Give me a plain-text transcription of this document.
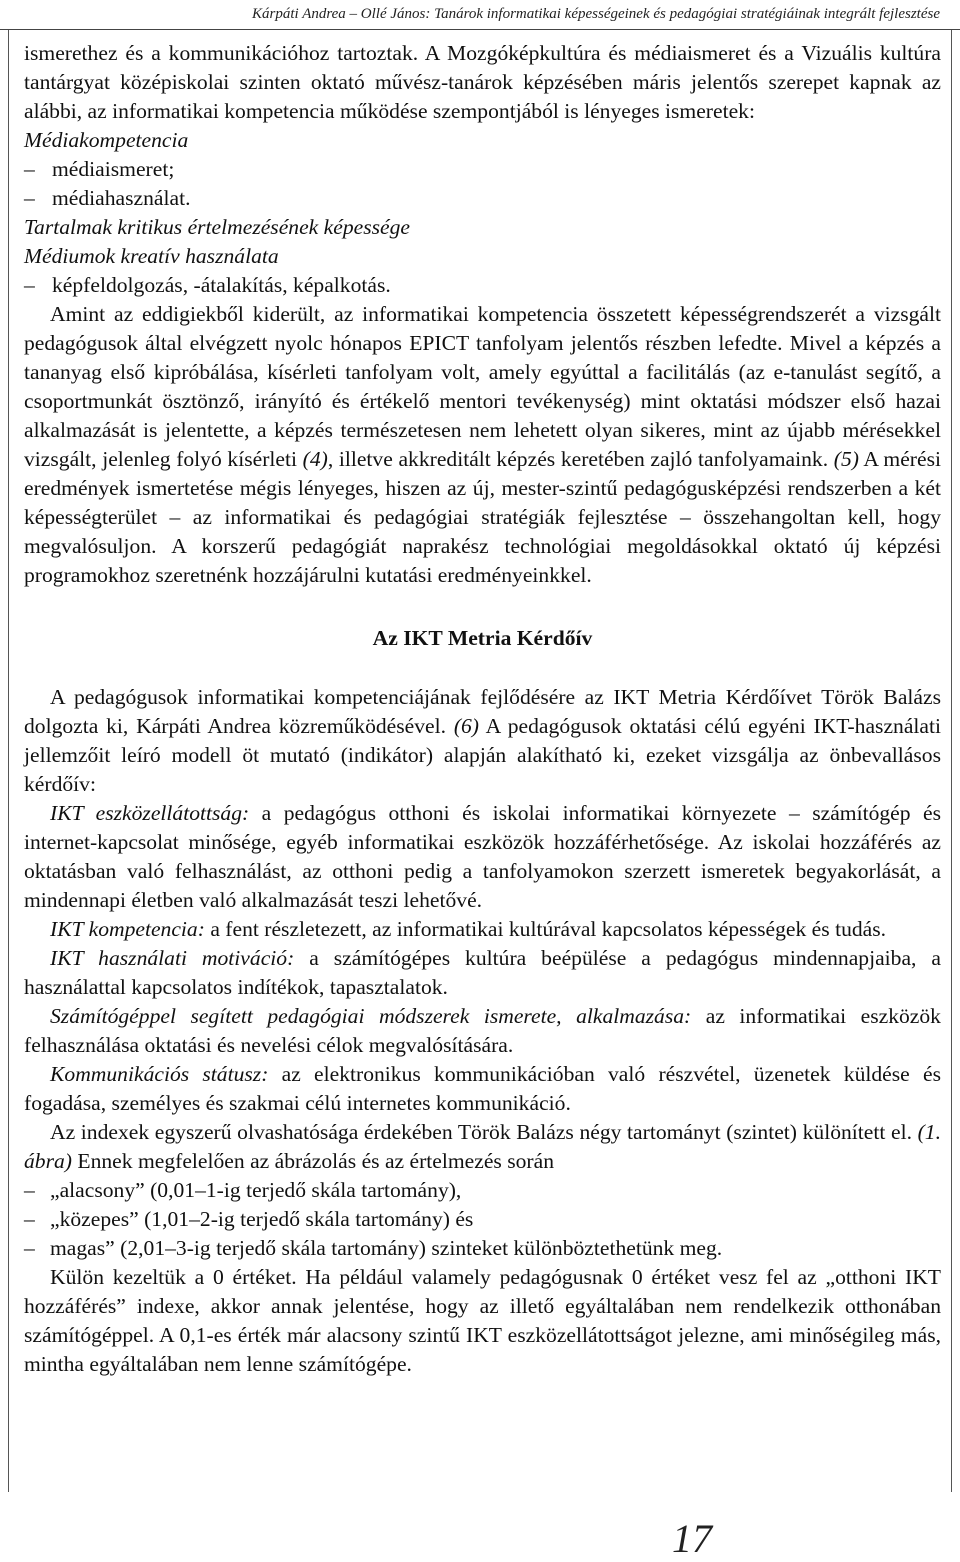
Kárpáti Andrea – Ollé János: Tanárok informatikai képességeinek és pedagógiai stratégiáinak integrált fejlesztése

ismerethez és a kommunikációhoz tartoztak. A Mozgóképkultúra és médiaismeret és a Vizuális kultúra tantárgyat középiskolai szinten oktató művész-tanárok képzésében máris jelentős szerepet kapnak az alábbi, az informatikai kompetencia működése szempontjából is lényeges ismeretek:

Médiakompetencia

– médiaismeret;
– médiahasználat.

Tartalmak kritikus értelmezésének képessége

Médiumok kreatív használata

– képfeldolgozás, -átalakítás, képalkotás.

Amint az eddigiekből kiderült, az informatikai kompetencia összetett képességrendszerét a vizsgált pedagógusok által elvégzett nyolc hónapos EPICT tanfolyam jelentős részben lefedte. Mivel a képzés a tananyag első kipróbálása, kísérleti tanfolyam volt, amely egyúttal a facilitálás (az e-tanulást segítő, a csoportmunkát ösztönző, irányító és értékelő mentori tevékenység) mint oktatási módszer első hazai alkalmazását is jelentette, a képzés természetesen nem lehetett olyan sikeres, mint az újabb mérésekkel vizsgált, jelenleg folyó kísérleti (4), illetve akkreditált képzés keretében zajló tanfolyamaink. (5) A mérési eredmények ismertetése mégis lényeges, hiszen az új, mester-szintű pedagógusképzési rendszerben a két képességterület – az informatikai és pedagógiai stratégiák fejlesztése – összehangoltan kell, hogy megvalósuljon. A korszerű pedagógiát naprakész technológiai megoldásokkal oktató új képzési programokhoz szeretnénk hozzájárulni kutatási eredményeinkkel.

Az IKT Metria Kérdőív

A pedagógusok informatikai kompetenciájának fejlődésére az IKT Metria Kérdőívet Török Balázs dolgozta ki, Kárpáti Andrea közreműködésével. (6) A pedagógusok oktatási célú egyéni IKT-használati jellemzőit leíró modell öt mutató (indikátor) alapján alakítható ki, ezeket vizsgálja az önbevallásos kérdőív:

IKT eszközellátottság: a pedagógus otthoni és iskolai informatikai környezete – számítógép és internet-kapcsolat minősége, egyéb informatikai eszközök hozzáférhetősége. Az iskolai hozzáférés az oktatásban való felhasználást, az otthoni pedig a tanfolyamokon szerzett ismeretek begyakorlását, a mindennapi életben való alkalmazását teszi lehetővé.

IKT kompetencia: a fent részletezett, az informatikai kultúrával kapcsolatos képességek és tudás.

IKT használati motiváció: a számítógépes kultúra beépülése a pedagógus mindennapjaiba, a használattal kapcsolatos indítékok, tapasztalatok.

Számítógéppel segített pedagógiai módszerek ismerete, alkalmazása: az informatikai eszközök felhasználása oktatási és nevelési célok megvalósítására.

Kommunikációs státusz: az elektronikus kommunikációban való részvétel, üzenetek küldése és fogadása, személyes és szakmai célú internetes kommunikáció.

Az indexek egyszerű olvashatósága érdekében Török Balázs négy tartományt (szintet) különített el. (1. ábra) Ennek megfelelően az ábrázolás és az értelmezés során

– „alacsony” (0,01–1-ig terjedő skála tartomány),
– „közepes” (1,01–2-ig terjedő skála tartomány) és
– magas” (2,01–3-ig terjedő skála tartomány) szinteket különböztethetünk meg.

Külön kezeltük a 0 értéket. Ha például valamely pedagógusnak 0 értéket vesz fel az „otthoni IKT hozzáférés” indexe, akkor annak jelentése, hogy az illető egyáltalában nem rendelkezik otthonában számítógéppel. A 0,1-es érték már alacsony szintű IKT eszközellátottságot jelezne, ami minőségileg más, mintha egyáltalában nem lenne számítógépe.

17
